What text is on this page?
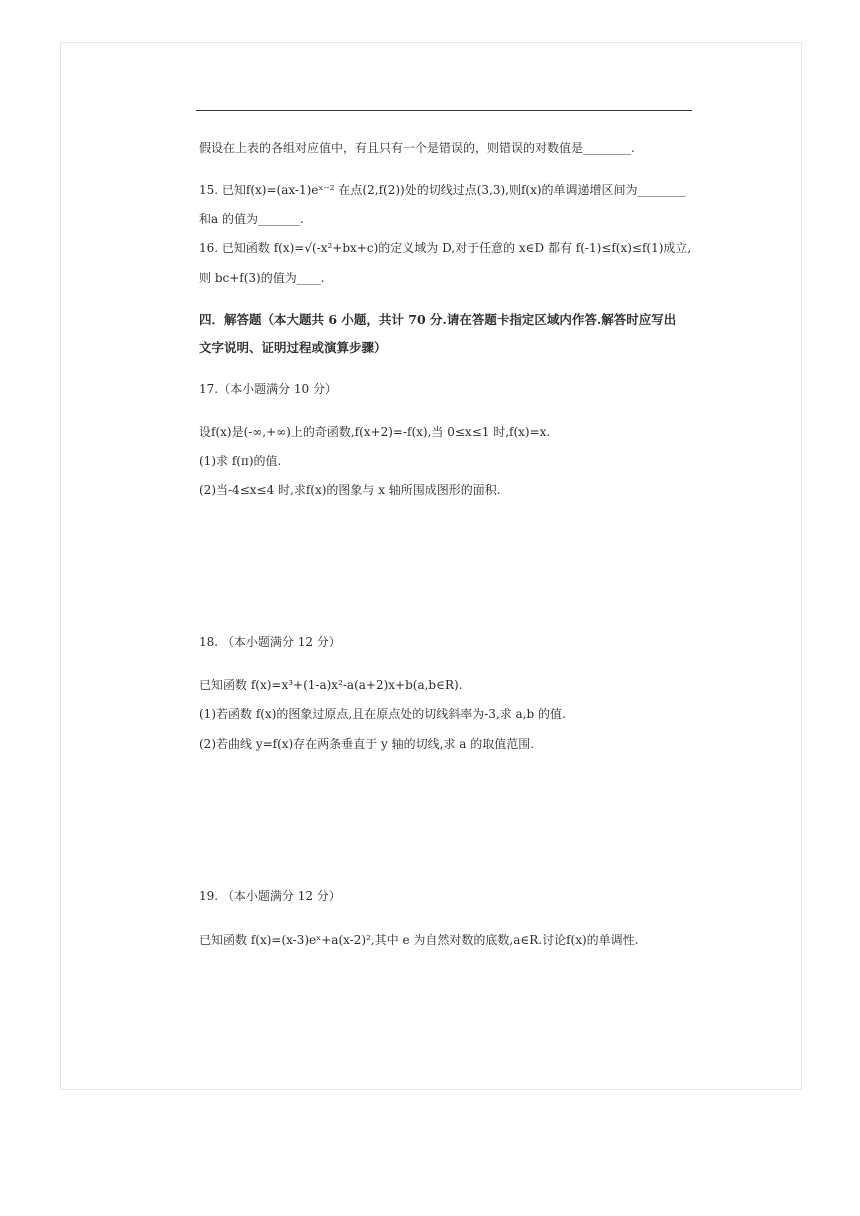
假设在上表的各组对应值中，有且只有一个是错误的，则错误的对数值是________.
15. 已知f(x)=(ax-1)eˣ⁻² 在点(2,f(2))处的切线过点(3,3),则f(x)的单调递增区间为________
和a 的值为_______.
16. 已知函数 f(x)=√(-x²+bx+c)的定义域为 D,对于任意的 x∈D 都有 f(-1)≤f(x)≤f(1)成立,
则 bc+f(3)的值为____.
四．解答题（本大题共 6 小题，共计 70 分.请在答题卡指定区域内作答.解答时应写出
文字说明、证明过程或演算步骤）
17.（本小题满分 10 分）
设f(x)是(-∞,+∞)上的奇函数,f(x+2)=-f(x),当 0≤x≤1 时,f(x)=x.
(1)求 f(π)的值.
(2)当-4≤x≤4 时,求f(x)的图象与 x 轴所围成图形的面积.
18. （本小题满分 12 分）
已知函数 f(x)=x³+(1-a)x²-a(a+2)x+b(a,b∈R).
(1)若函数 f(x)的图象过原点,且在原点处的切线斜率为-3,求 a,b 的值.
(2)若曲线 y=f(x)存在两条垂直于 y 轴的切线,求 a 的取值范围.
19. （本小题满分 12 分）
已知函数 f(x)=(x-3)eˣ+a(x-2)²,其中 e 为自然对数的底数,a∈R.讨论f(x)的单调性.
